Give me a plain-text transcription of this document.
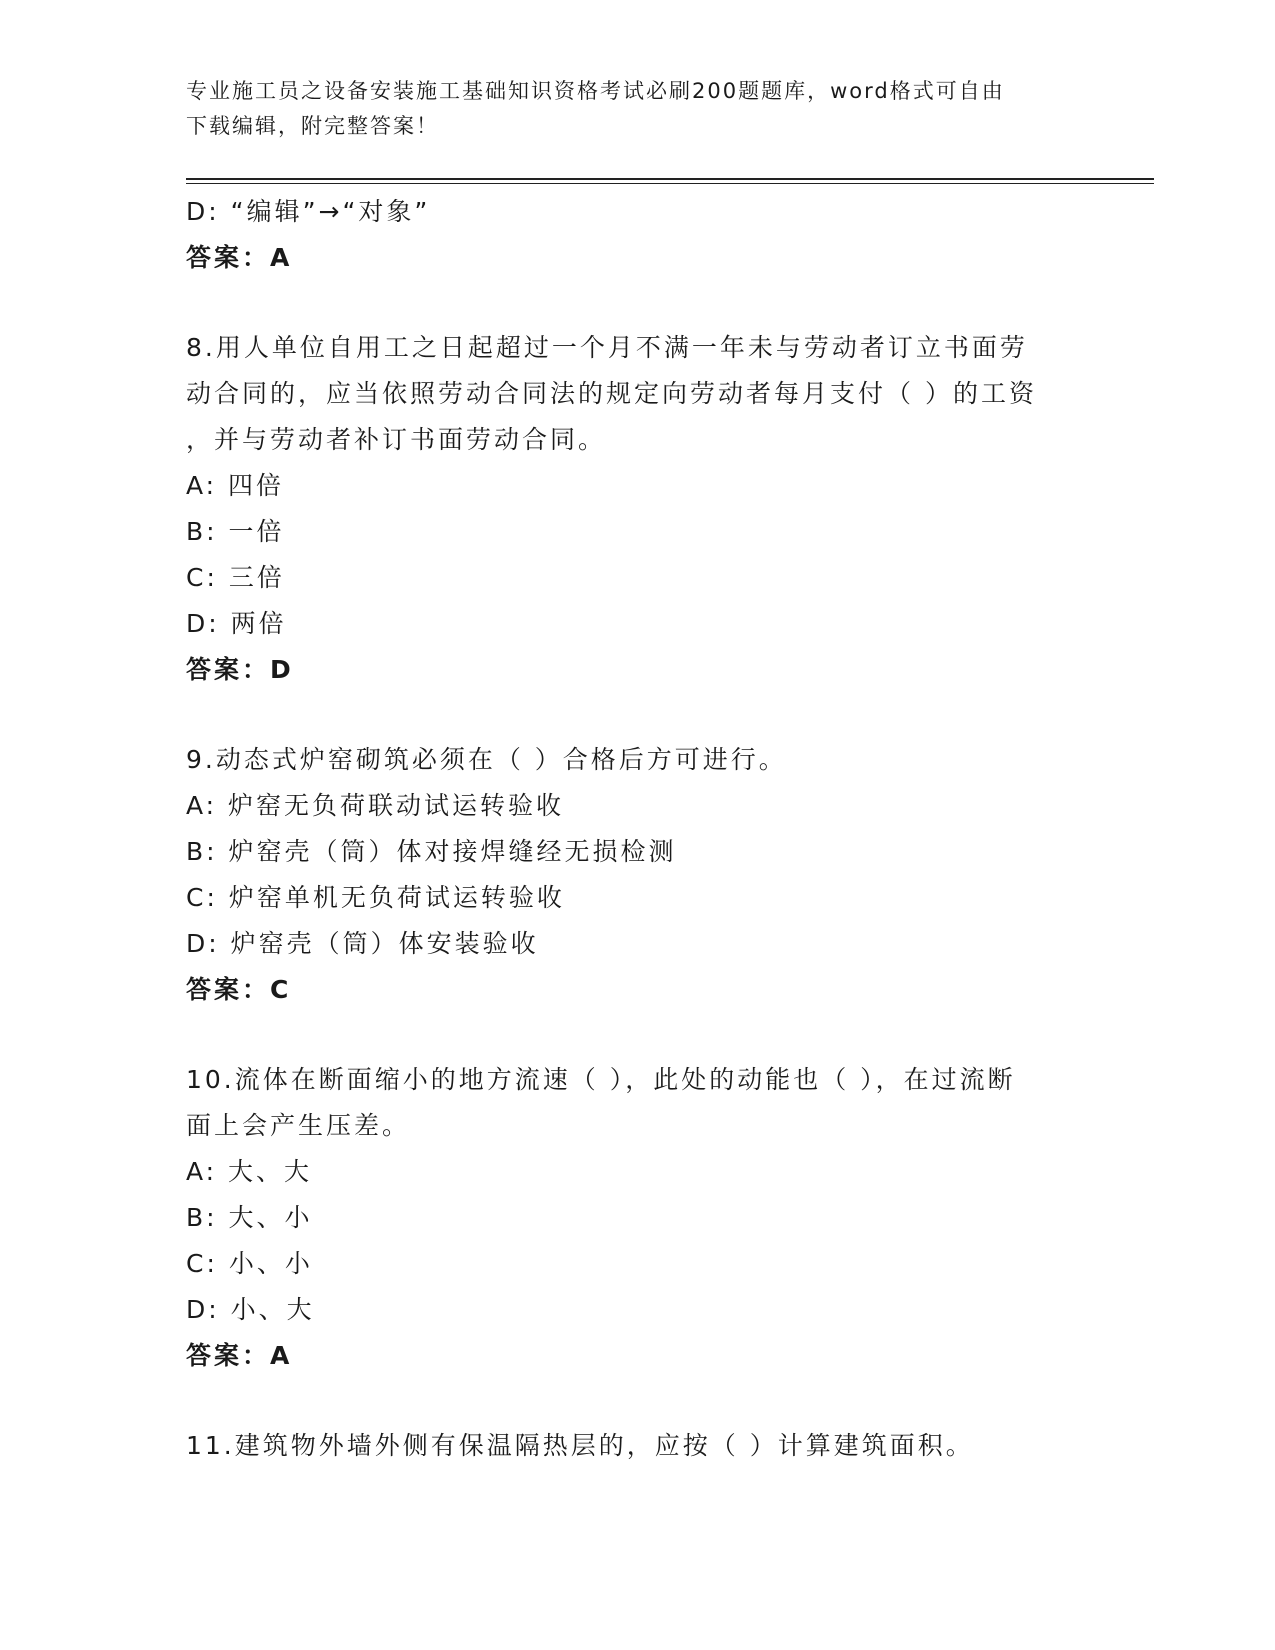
专业施工员之设备安装施工基础知识资格考试必刷200题题库，word格式可自由
下载编辑，附完整答案！
D: “编辑”→“对象”
答案：A
8.用人单位自用工之日起超过一个月不满一年未与劳动者订立书面劳
动合同的，应当依照劳动合同法的规定向劳动者每月支付（ ）的工资
，并与劳动者补订书面劳动合同。
A: 四倍
B: 一倍
C: 三倍
D: 两倍
答案：D
9.动态式炉窑砌筑必须在（ ）合格后方可进行。
A: 炉窑无负荷联动试运转验收
B: 炉窑壳（筒）体对接焊缝经无损检测
C: 炉窑单机无负荷试运转验收
D: 炉窑壳（筒）体安装验收
答案：C
10.流体在断面缩小的地方流速（ ），此处的动能也（ ），在过流断
面上会产生压差。
A: 大、大
B: 大、小
C: 小、小
D: 小、大
答案：A
11.建筑物外墙外侧有保温隔热层的，应按（ ）计算建筑面积。
